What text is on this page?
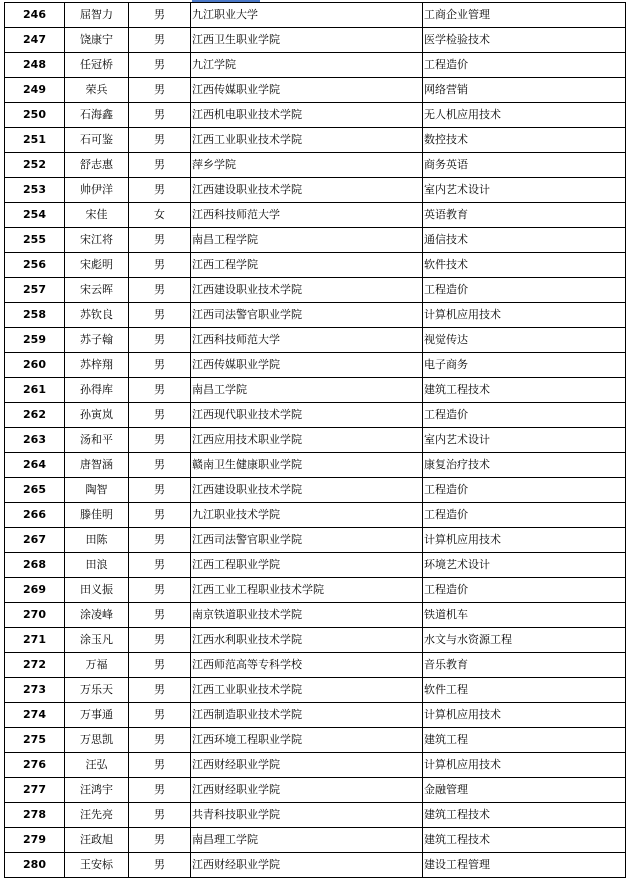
246	屈智力	男	九江职业大学	工商企业管理
247	饶康宁	男	江西卫生职业学院	医学检验技术
248	任冠桥	男	九江学院	工程造价
249	荣兵	男	江西传媒职业学院	网络营销
250	石海鑫	男	江西机电职业技术学院	无人机应用技术
251	石可鉴	男	江西工业职业技术学院	数控技术
252	舒志惠	男	萍乡学院	商务英语
253	帅伊洋	男	江西建设职业技术学院	室内艺术设计
254	宋佳	女	江西科技师范大学	英语教育
255	宋江将	男	南昌工程学院	通信技术
256	宋彪明	男	江西工程学院	软件技术
257	宋云晖	男	江西建设职业技术学院	工程造价
258	苏钦良	男	江西司法警官职业学院	计算机应用技术
259	苏子翰	男	江西科技师范大学	视觉传达
260	苏梓翔	男	江西传媒职业学院	电子商务
261	孙得库	男	南昌工学院	建筑工程技术
262	孙寅岚	男	江西现代职业技术学院	工程造价
263	汤和平	男	江西应用技术职业学院	室内艺术设计
264	唐智涵	男	赣南卫生健康职业学院	康复治疗技术
265	陶智	男	江西建设职业技术学院	工程造价
266	滕佳明	男	九江职业技术学院	工程造价
267	田陈	男	江西司法警官职业学院	计算机应用技术
268	田浪	男	江西工程职业学院	环境艺术设计
269	田义振	男	江西工业工程职业技术学院	工程造价
270	涂凌峰	男	南京铁道职业技术学院	铁道机车
271	涂玉凡	男	江西水利职业技术学院	水文与水资源工程
272	万福	男	江西师范高等专科学校	音乐教育
273	万乐天	男	江西工业职业技术学院	软件工程
274	万事通	男	江西制造职业技术学院	计算机应用技术
275	万思凯	男	江西环境工程职业学院	建筑工程
276	汪弘	男	江西财经职业学院	计算机应用技术
277	汪鸿宇	男	江西财经职业学院	金融管理
278	汪先亮	男	共青科技职业学院	建筑工程技术
279	汪政旭	男	南昌理工学院	建筑工程技术
280	王安标	男	江西财经职业学院	建设工程管理
